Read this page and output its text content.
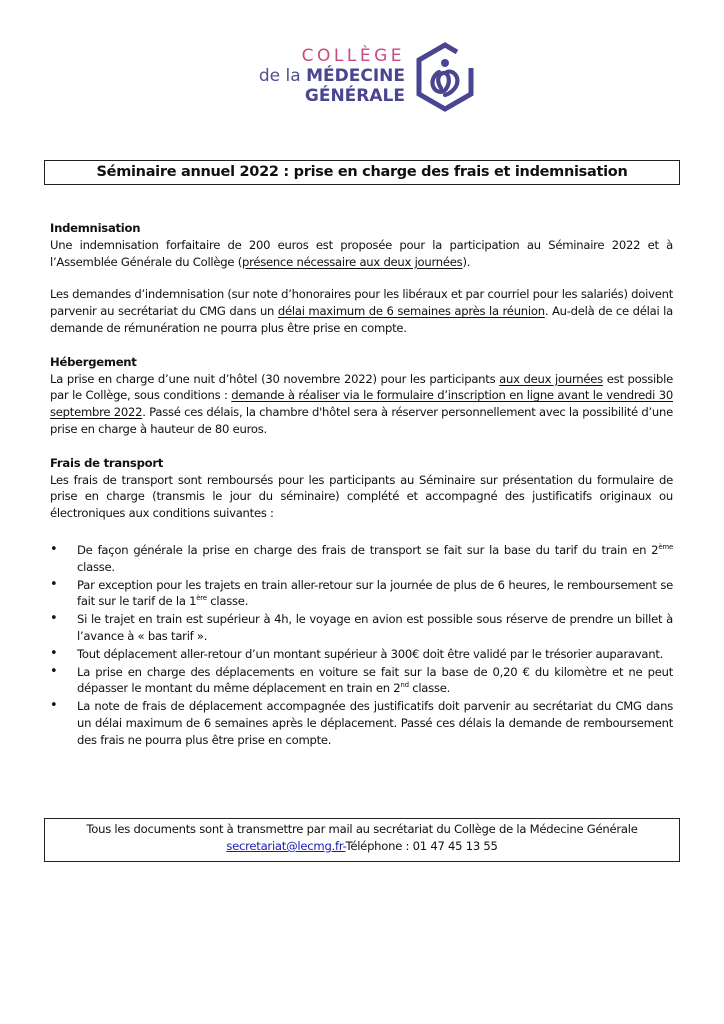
COLLÈGE
de la MÉDECINE
GÉNÉRALE
Séminaire annuel 2022 : prise en charge des frais et indemnisation
Indemnisation

Une indemnisation forfaitaire de 200 euros est proposée pour la participation au Séminaire 2022 et à l’Assemblée Générale du Collège (présence nécessaire aux deux journées).

Les demandes d’indemnisation (sur note d’honoraires pour les libéraux et par courriel pour les salariés) doivent parvenir au secrétariat du CMG dans un délai maximum de 6 semaines après la réunion. Au-delà de ce délai la demande de rémunération ne pourra plus être prise en compte.

Hébergement

La prise en charge d’une nuit d’hôtel (30 novembre 2022) pour les participants aux deux journées est possible par le Collège, sous conditions : demande à réaliser via le formulaire d’inscription en ligne avant le vendredi 30 septembre 2022. Passé ces délais, la chambre d'hôtel sera à réserver personnellement avec la possibilité d’une prise en charge à hauteur de 80 euros.

Frais de transport

Les frais de transport sont remboursés pour les participants au Séminaire sur présentation du formulaire de prise en charge (transmis le jour du séminaire) complété et accompagné des justificatifs originaux ou électroniques aux conditions suivantes :

• De façon générale la prise en charge des frais de transport se fait sur la base du tarif du train en 2ème classe.
• Par exception pour les trajets en train aller-retour sur la journée de plus de 6 heures, le remboursement se fait sur le tarif de la 1ère classe.
• Si le trajet en train est supérieur à 4h, le voyage en avion est possible sous réserve de prendre un billet à l’avance à « bas tarif ».
• Tout déplacement aller-retour d’un montant supérieur à 300€ doit être validé par le trésorier auparavant.
• La prise en charge des déplacements en voiture se fait sur la base de 0,20 € du kilomètre et ne peut dépasser le montant du même déplacement en train en 2nd classe.
• La note de frais de déplacement accompagnée des justificatifs doit parvenir au secrétariat du CMG dans un délai maximum de 6 semaines après le déplacement. Passé ces délais la demande de remboursement des frais ne pourra plus être prise en compte.
Tous les documents sont à transmettre par mail au secrétariat du Collège de la Médecine Générale
secretariat@lecmg.fr-Téléphone : 01 47 45 13 55
